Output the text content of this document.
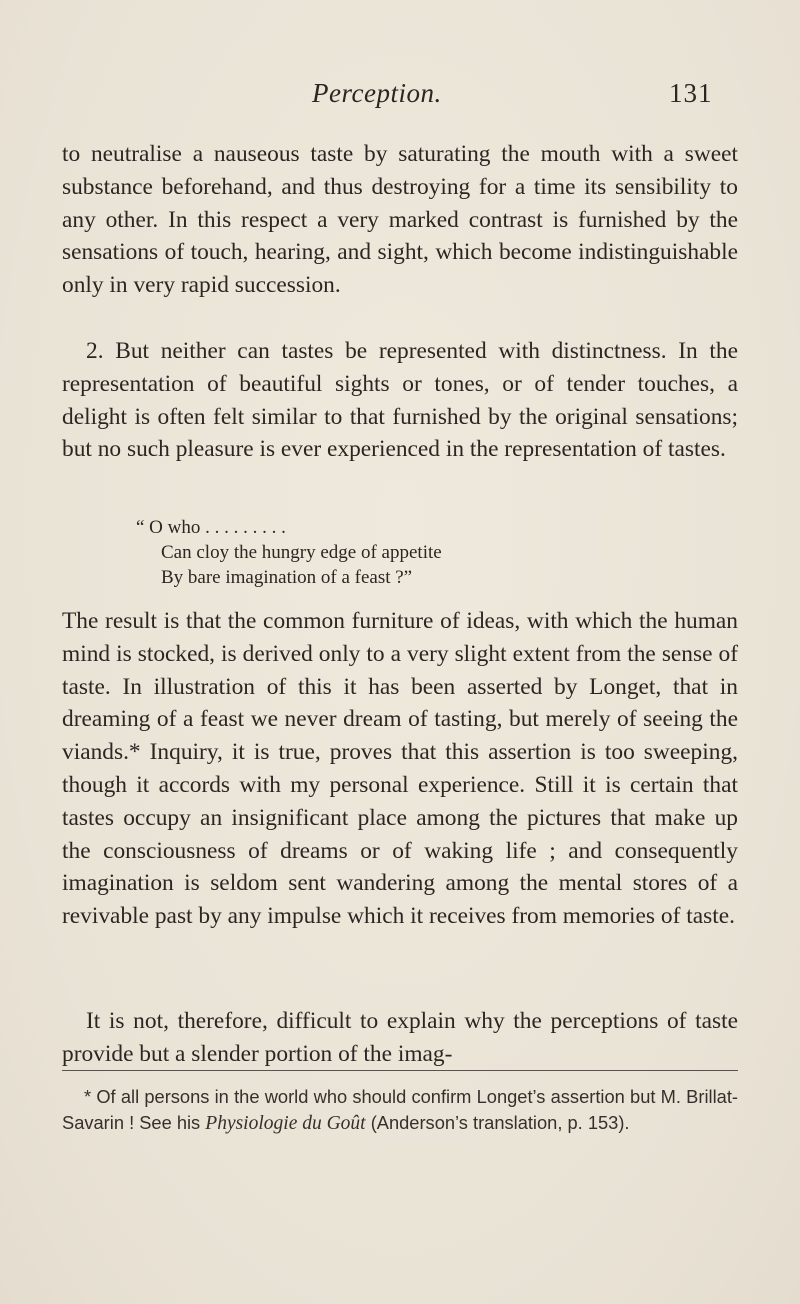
Perception.	131

to neutralise a nauseous taste by saturating the mouth with a sweet substance beforehand, and thus destroying for a time its sensibility to any other. In this respect a very marked contrast is furnished by the sensations of touch, hearing, and sight, which become indistinguishable only in very rapid succession.

2. But neither can tastes be represented with distinctness. In the representation of beautiful sights or tones, or of tender touches, a delight is often felt similar to that furnished by the original sensations; but no such pleasure is ever experienced in the representation of tastes.

“ O who . . . . . . . . .
Can cloy the hungry edge of appetite
By bare imagination of a feast ?”

The result is that the common furniture of ideas, with which the human mind is stocked, is derived only to a very slight extent from the sense of taste. In illustration of this it has been asserted by Longet, that in dreaming of a feast we never dream of tasting, but merely of seeing the viands.* Inquiry, it is true, proves that this assertion is too sweeping, though it accords with my personal experience. Still it is certain that tastes occupy an insignificant place among the pictures that make up the consciousness of dreams or of waking life ; and consequently imagination is seldom sent wandering among the mental stores of a revivable past by any impulse which it receives from memories of taste.

It is not, therefore, difficult to explain why the perceptions of taste provide but a slender portion of the imag-

* Of all persons in the world who should confirm Longet’s assertion but M. Brillat-Savarin ! See his Physiologie du Goût (Anderson’s translation, p. 153).
